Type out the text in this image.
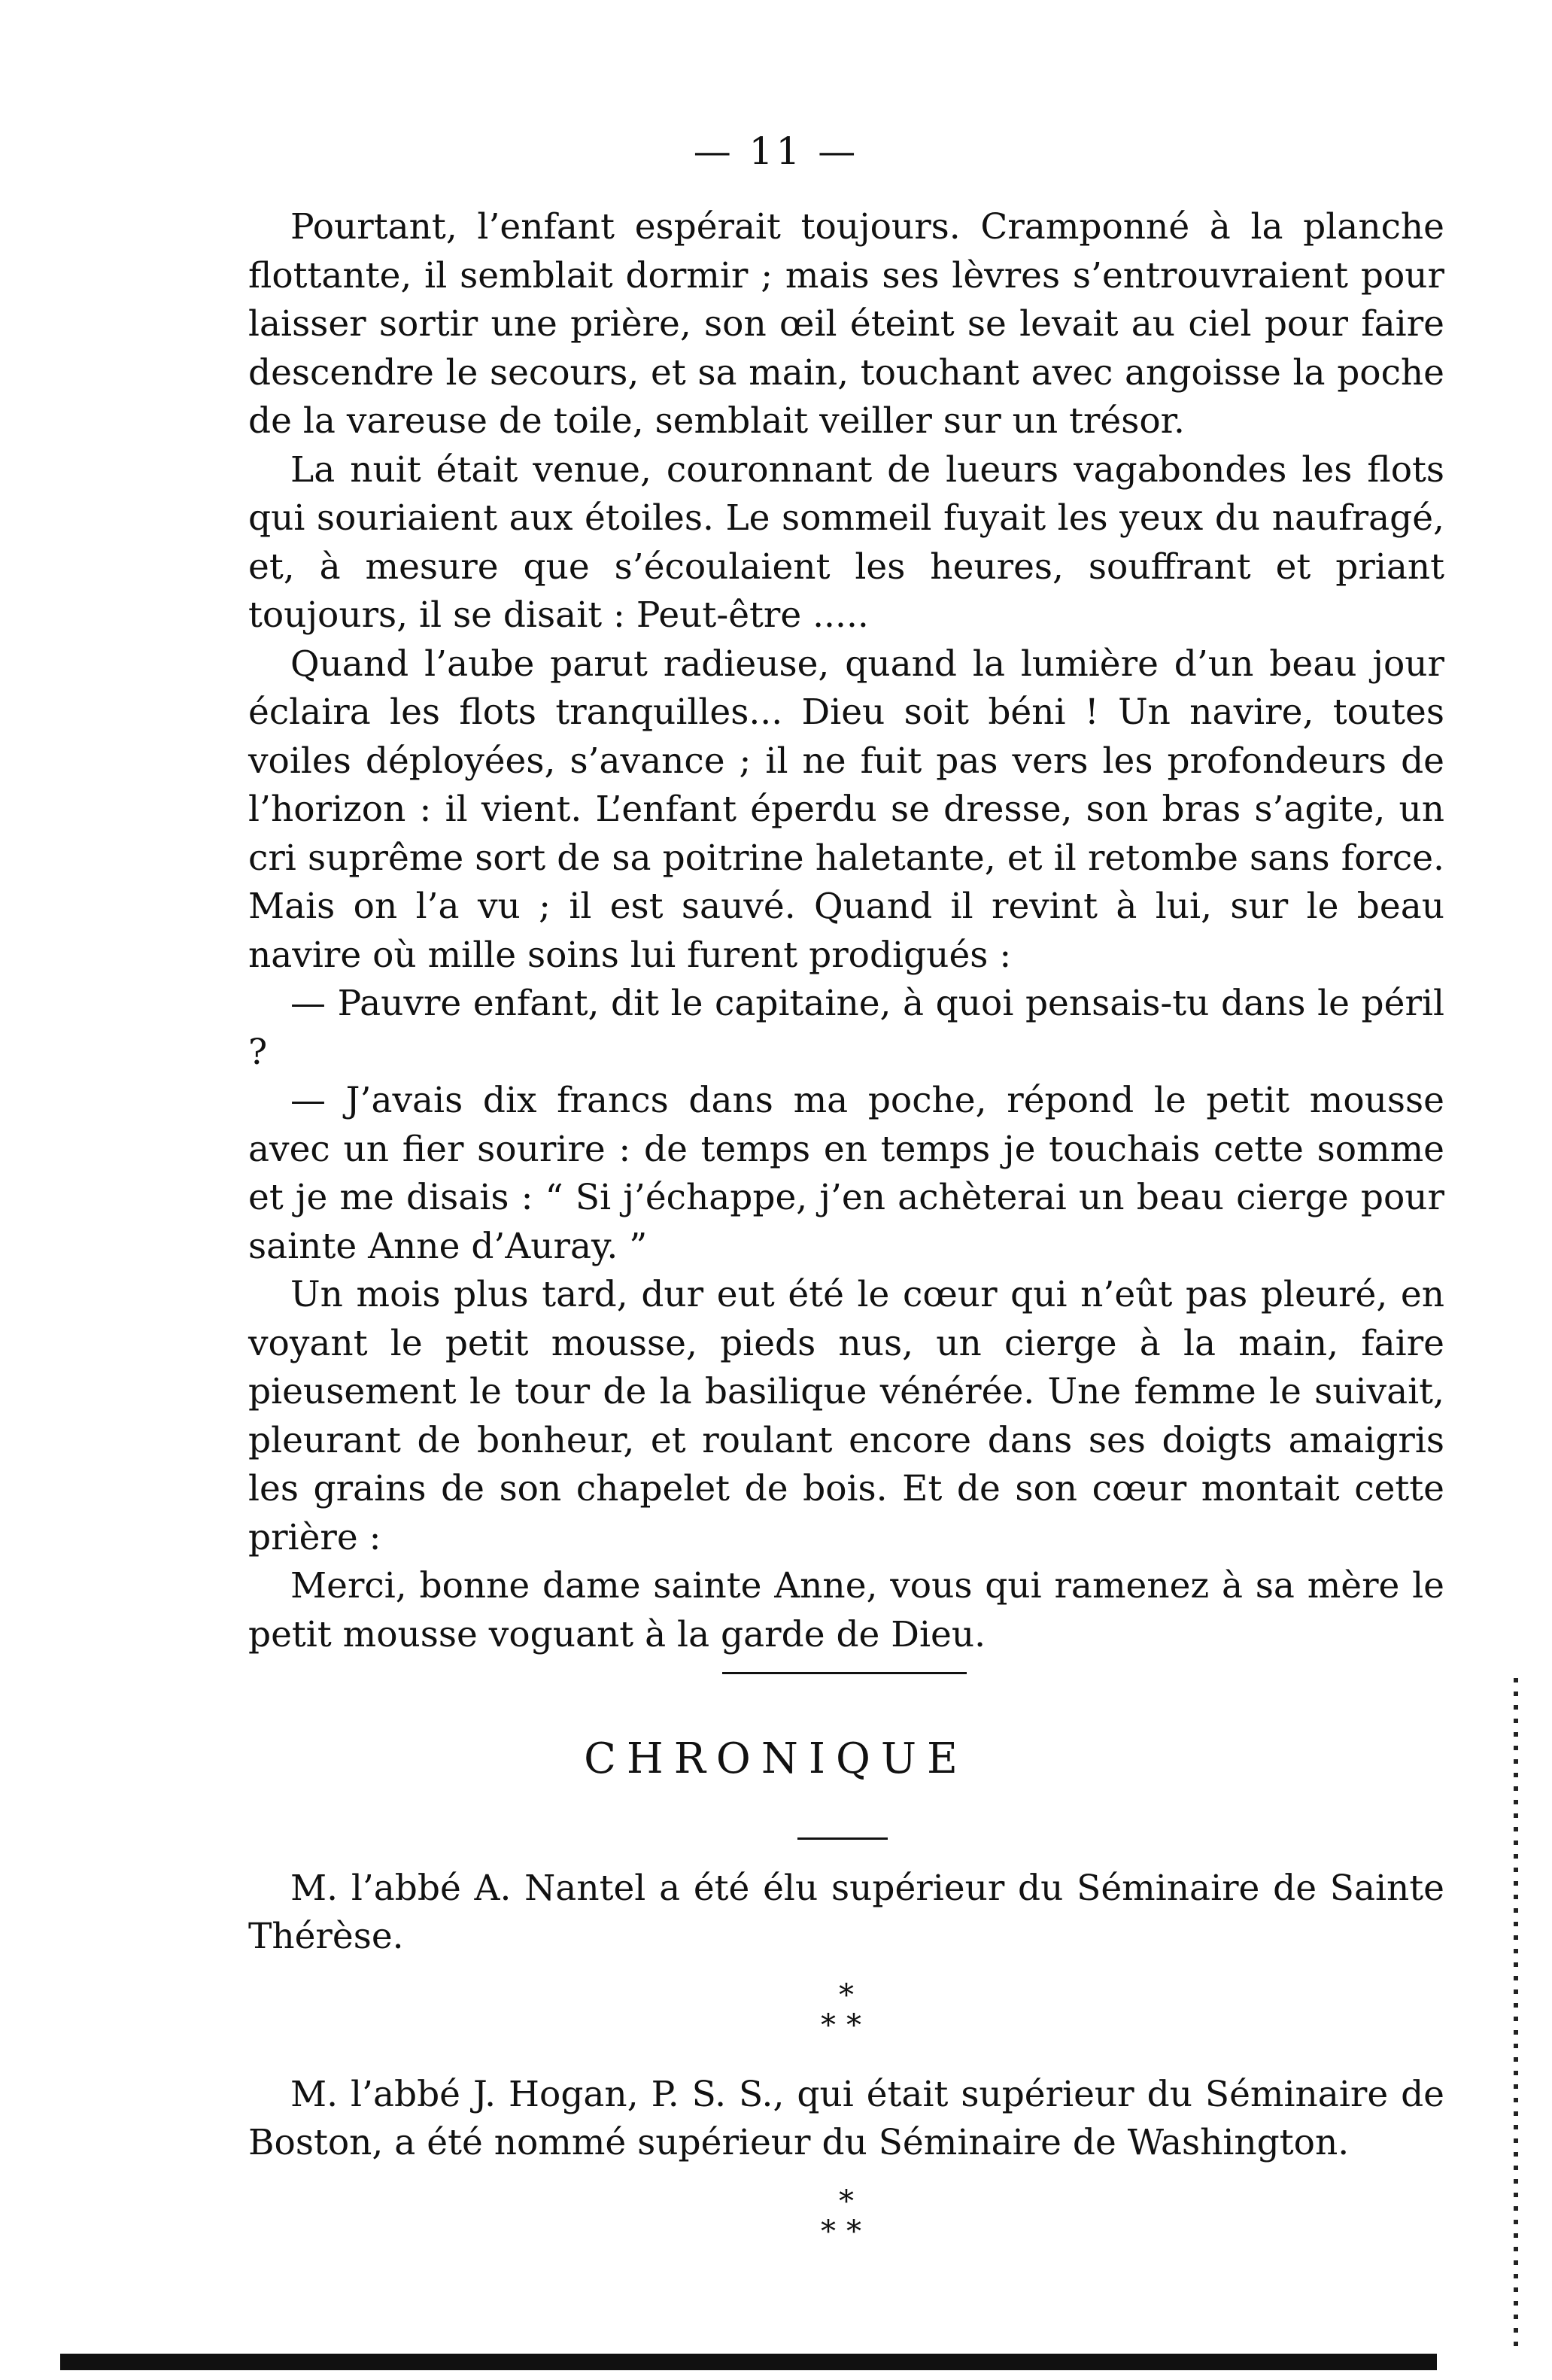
— 11 —

Pourtant, l’enfant espérait toujours. Cramponné à la planche flottante, il semblait dormir ; mais ses lèvres s’entrouvraient pour laisser sortir une prière, son œil éteint se levait au ciel pour faire descendre le secours, et sa main, touchant avec angoisse la poche de la vareuse de toile, semblait veiller sur un trésor.

La nuit était venue, couronnant de lueurs vagabondes les flots qui souriaient aux étoiles. Le sommeil fuyait les yeux du naufragé, et, à mesure que s’écoulaient les heures, souffrant et priant toujours, il se disait : Peut-être .....

Quand l’aube parut radieuse, quand la lumière d’un beau jour éclaira les flots tranquilles... Dieu soit béni ! Un navire, toutes voiles déployées, s’avance ; il ne fuit pas vers les profondeurs de l’horizon : il vient. L’enfant éperdu se dresse, son bras s’agite, un cri suprême sort de sa poitrine haletante, et il retombe sans force. Mais on l’a vu ; il est sauvé. Quand il revint à lui, sur le beau navire où mille soins lui furent prodigués :

— Pauvre enfant, dit le capitaine, à quoi pensais-tu dans le péril ?

— J’avais dix francs dans ma poche, répond le petit mousse avec un fier sourire : de temps en temps je touchais cette somme et je me disais : “ Si j’échappe, j’en achèterai un beau cierge pour sainte Anne d’Auray. ”

Un mois plus tard, dur eut été le cœur qui n’eût pas pleuré, en voyant le petit mousse, pieds nus, un cierge à la main, faire pieusement le tour de la basilique vénérée. Une femme le suivait, pleurant de bonheur, et roulant encore dans ses doigts amaigris les grains de son chapelet de bois. Et de son cœur montait cette prière :

Merci, bonne dame sainte Anne, vous qui ramenez à sa mère le petit mousse voguant à la garde de Dieu.

CHRONIQUE

M. l’abbé A. Nantel a été élu supérieur du Séminaire de Sainte Thérèse.

*
**

M. l’abbé J. Hogan, P. S. S., qui était supérieur du Séminaire de Boston, a été nommé supérieur du Séminaire de Washington.

*
**
